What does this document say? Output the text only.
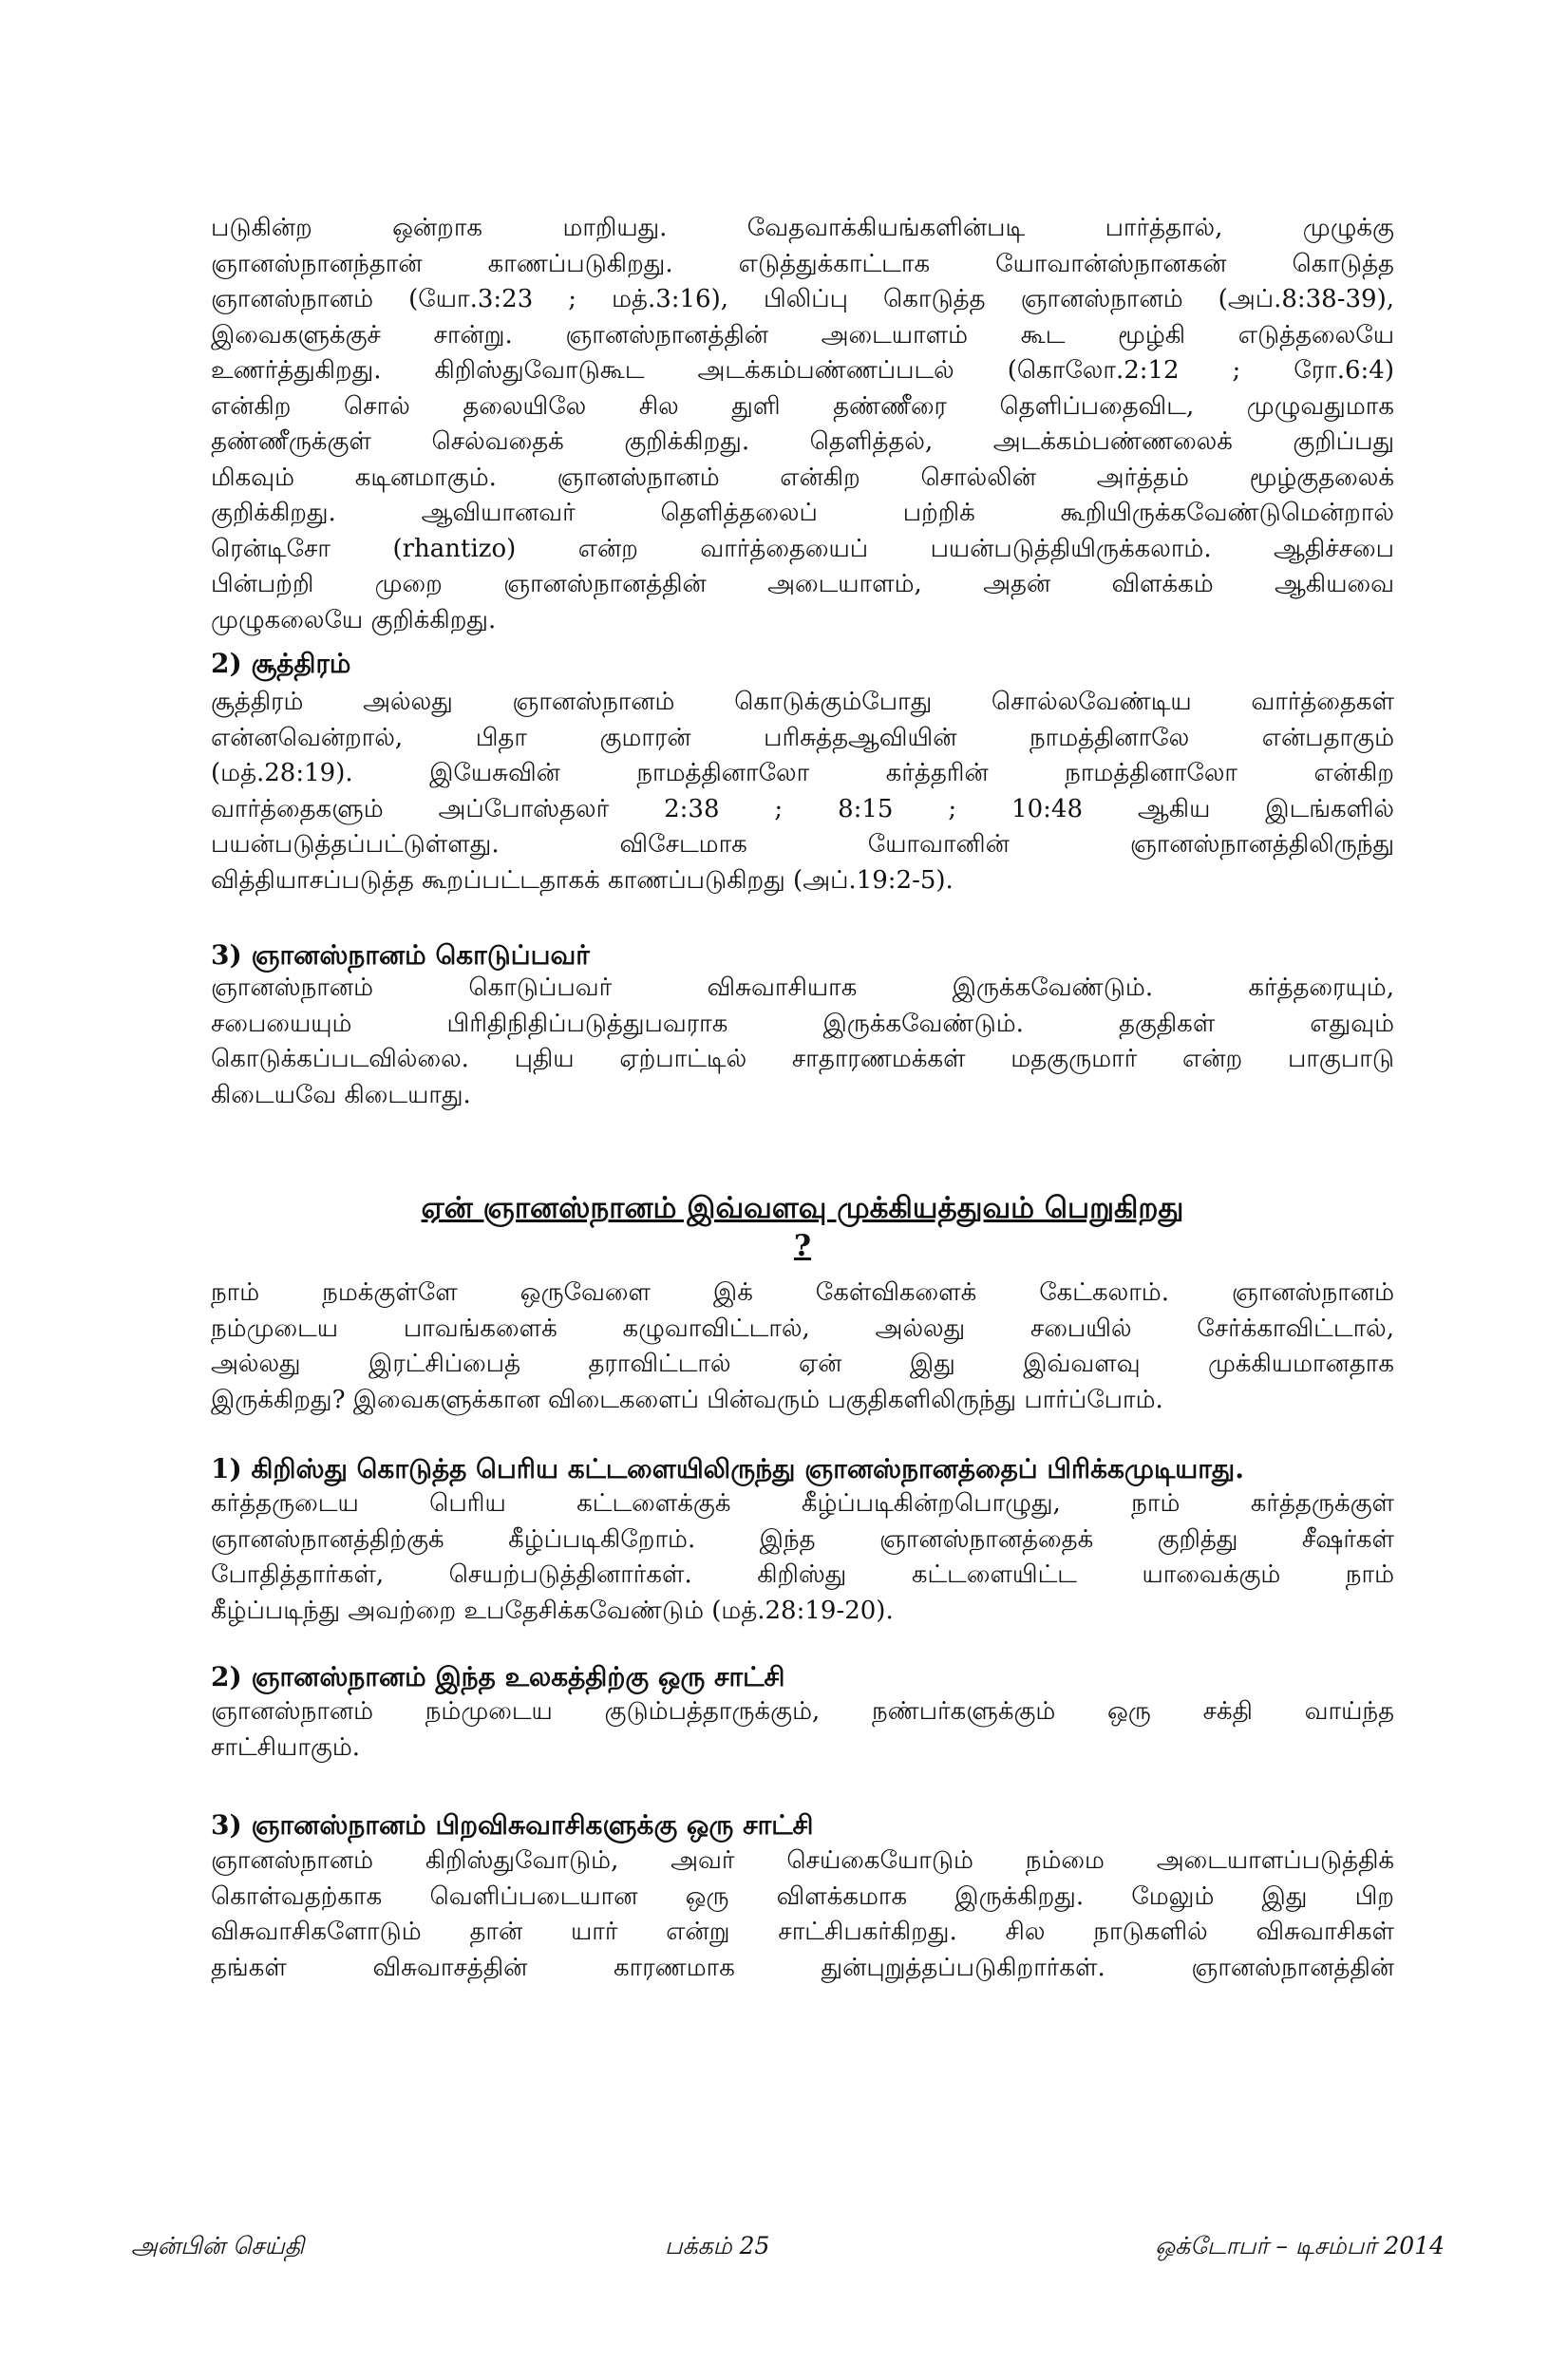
படுகின்ற ஒன்றாக மாறியது. வேதவாக்கியங்களின்படி பார்த்தால், முழுக்கு
ஞானஸ்நானந்தான் காணப்படுகிறது. எடுத்துக்காட்டாக யோவான்ஸ்நானகன் கொடுத்த
ஞானஸ்நானம் (யோ.3:23 ; மத்.3:16), பிலிப்பு கொடுத்த ஞானஸ்நானம் (அப்.8:38-39),
இவைகளுக்குச் சான்று. ஞானஸ்நானத்தின் அடையாளம் கூட மூழ்கி எடுத்தலையே
உணர்த்துகிறது. கிறிஸ்துவோடுகூட அடக்கம்பண்ணப்படல் (கொலோ.2:12 ; ரோ.6:4)
என்கிற சொல் தலையிலே சில துளி தண்ணீரை தெளிப்பதைவிட, முழுவதுமாக
தண்ணீருக்குள் செல்வதைக் குறிக்கிறது. தெளித்தல், அடக்கம்பண்ணலைக் குறிப்பது
மிகவும் கடினமாகும். ஞானஸ்நானம் என்கிற சொல்லின் அர்த்தம் மூழ்குதலைக்
குறிக்கிறது. ஆவியானவர் தெளித்தலைப் பற்றிக் கூறியிருக்கவேண்டுமென்றால்
ரென்டிசோ (rhantizo) என்ற வார்த்தையைப் பயன்படுத்தியிருக்கலாம். ஆதிச்சபை
பின்பற்றி முறை ஞானஸ்நானத்தின் அடையாளம், அதன் விளக்கம் ஆகியவை
முழுகலையே குறிக்கிறது.
2) சூத்திரம்
சூத்திரம் அல்லது ஞானஸ்நானம் கொடுக்கும்போது சொல்லவேண்டிய வார்த்தைகள்
என்னவென்றால், பிதா குமாரன் பரிசுத்தஆவியின் நாமத்தினாலே என்பதாகும்
(மத்.28:19). இயேசுவின் நாமத்தினாலோ கர்த்தரின் நாமத்தினாலோ என்கிற
வார்த்தைகளும் அப்போஸ்தலர் 2:38 ; 8:15 ; 10:48 ஆகிய இடங்களில்
பயன்படுத்தப்பட்டுள்ளது. விசேடமாக யோவானின் ஞானஸ்நானத்திலிருந்து
வித்தியாசப்படுத்த கூறப்பட்டதாகக் காணப்படுகிறது (அப்.19:2-5).
3) ஞானஸ்நானம் கொடுப்பவர்
ஞானஸ்நானம் கொடுப்பவர் விசுவாசியாக இருக்கவேண்டும். கர்த்தரையும்,
சபையையும் பிரிதிநிதிப்படுத்துபவராக இருக்கவேண்டும். தகுதிகள் எதுவும்
கொடுக்கப்படவில்லை. புதிய ஏற்பாட்டில் சாதாரணமக்கள் மதகுருமார் என்ற பாகுபாடு
கிடையவே கிடையாது.
ஏன் ஞானஸ்நானம் இவ்வளவு முக்கியத்துவம் பெறுகிறது
?
நாம் நமக்குள்ளே ஒருவேளை இக் கேள்விகளைக் கேட்கலாம். ஞானஸ்நானம்
நம்முடைய பாவங்களைக் கழுவாவிட்டால், அல்லது சபையில் சேர்க்காவிட்டால்,
அல்லது இரட்சிப்பைத் தராவிட்டால் ஏன் இது இவ்வளவு முக்கியமானதாக
இருக்கிறது? இவைகளுக்கான விடைகளைப் பின்வரும் பகுதிகளிலிருந்து பார்ப்போம்.
1) கிறிஸ்து கொடுத்த பெரிய கட்டளையிலிருந்து ஞானஸ்நானத்தைப் பிரிக்கமுடியாது.
கர்த்தருடைய பெரிய கட்டளைக்குக் கீழ்ப்படிகின்றபொழுது, நாம் கர்த்தருக்குள்
ஞானஸ்நானத்திற்குக் கீழ்ப்படிகிறோம். இந்த ஞானஸ்நானத்தைக் குறித்து சீஷர்கள்
போதித்தார்கள், செயற்படுத்தினார்கள். கிறிஸ்து கட்டளையிட்ட யாவைக்கும் நாம்
கீழ்ப்படிந்து அவற்றை உபதேசிக்கவேண்டும் (மத்.28:19-20).
2) ஞானஸ்நானம் இந்த உலகத்திற்கு ஒரு சாட்சி
ஞானஸ்நானம் நம்முடைய குடும்பத்தாருக்கும், நண்பர்களுக்கும் ஒரு சக்தி வாய்ந்த
சாட்சியாகும்.
3) ஞானஸ்நானம் பிறவிசுவாசிகளுக்கு ஒரு சாட்சி
ஞானஸ்நானம் கிறிஸ்துவோடும், அவர் செய்கையோடும் நம்மை அடையாளப்படுத்திக்
கொள்வதற்காக வெளிப்படையான ஒரு விளக்கமாக இருக்கிறது. மேலும் இது பிற
விசுவாசிகளோடும் தான் யார் என்று சாட்சிபகர்கிறது. சில நாடுகளில் விசுவாசிகள்
தங்கள் விசுவாசத்தின் காரணமாக துன்புறுத்தப்படுகிறார்கள். ஞானஸ்நானத்தின்
அன்பின் செய்தி	பக்கம் 25	ஒக்டோபர் – டிசம்பர் 2014
